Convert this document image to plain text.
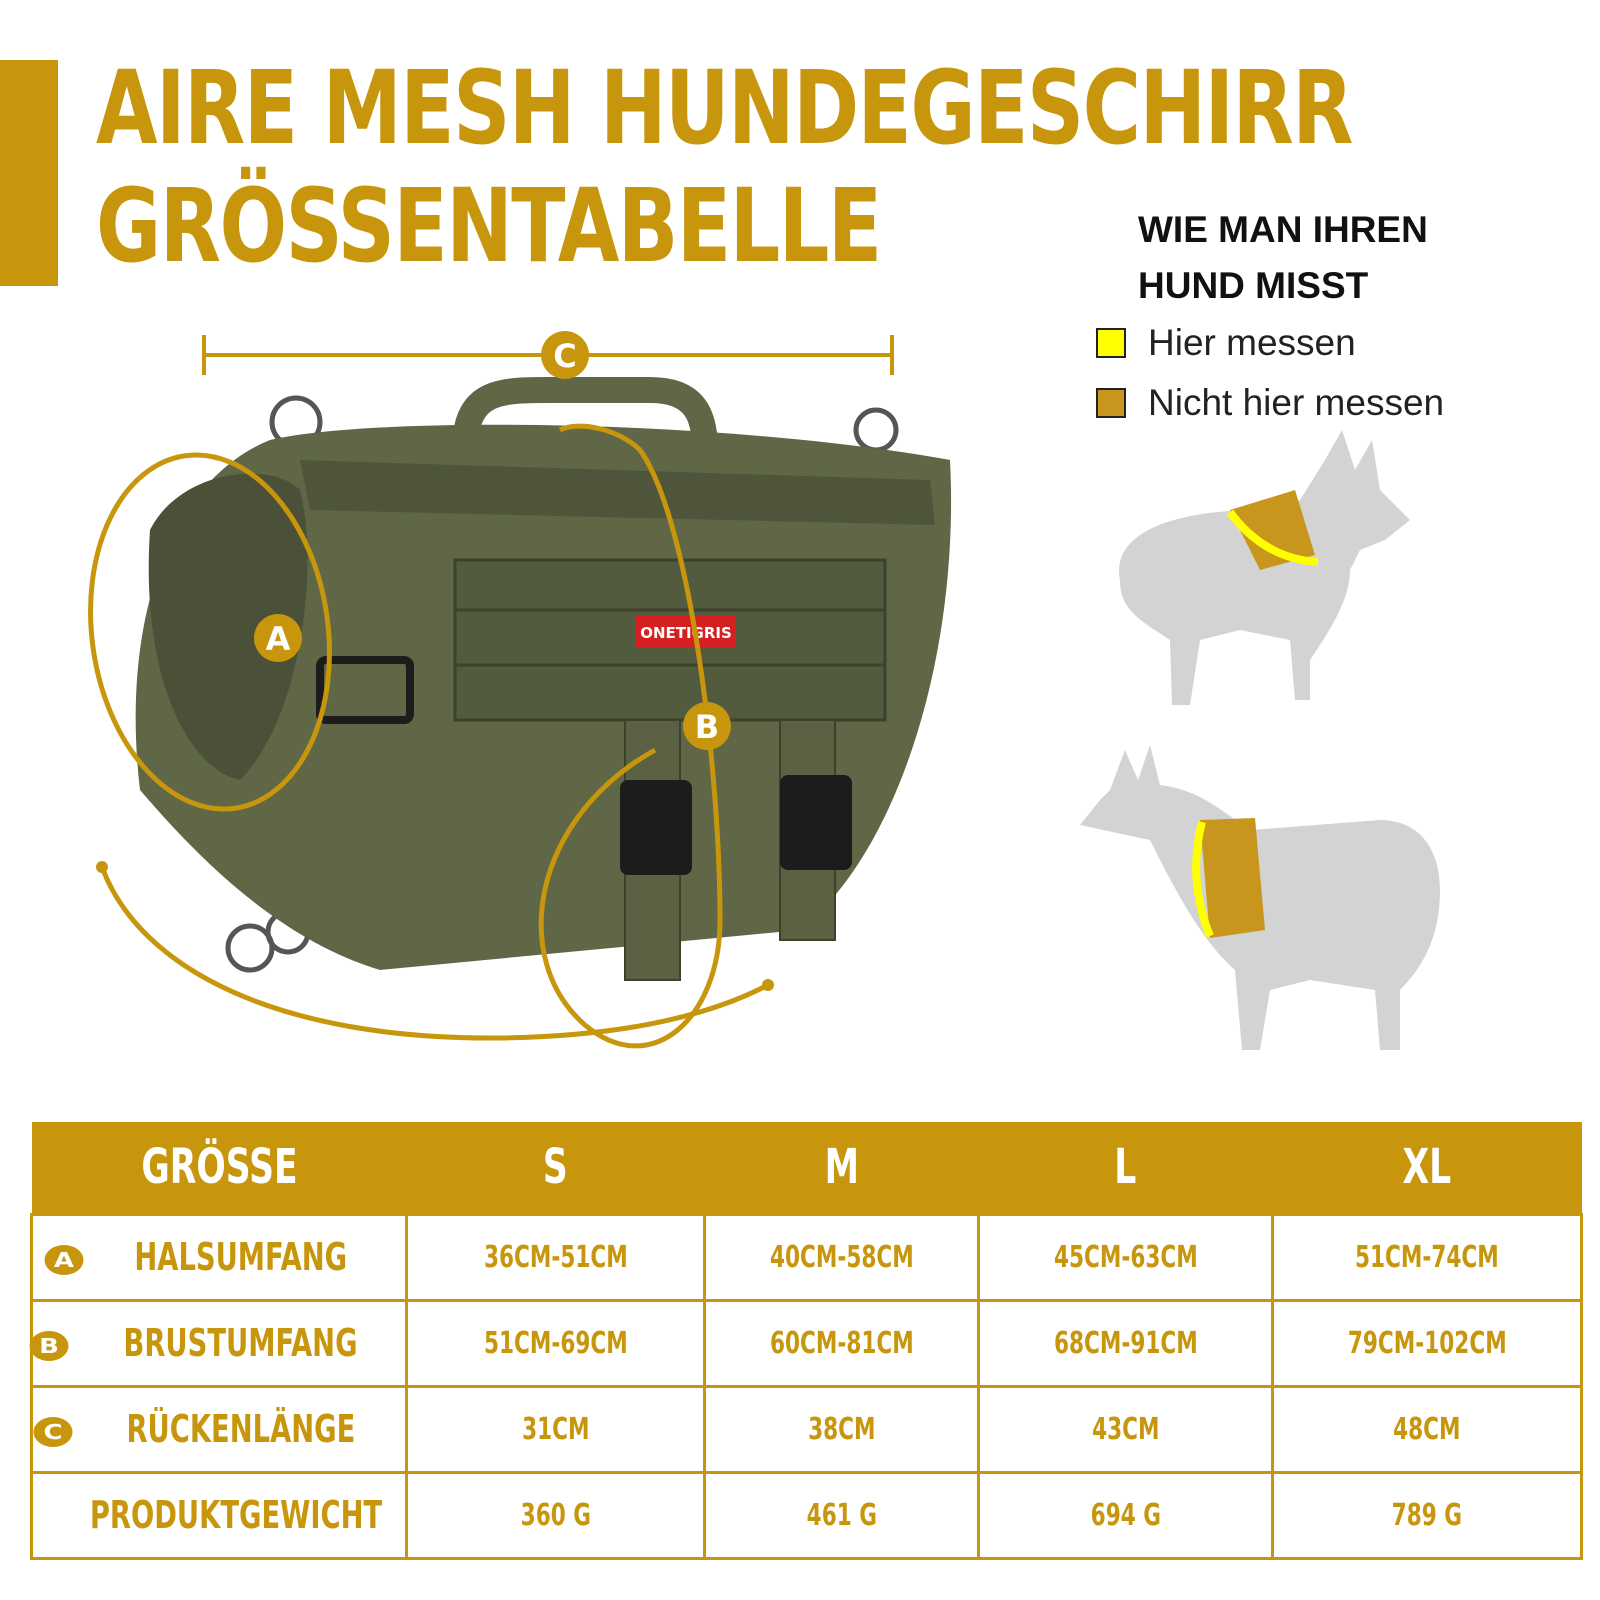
AIRE MESH HUNDEGESCHIRR
GRÖSSENTABELLE	WIE MAN IHREN
HUND MISST
Hier messen
Nicht hier messen
ONETIGRIS
C
A
B
GRÖSSE	S	M	L	XL
A HALSUMFANG	36CM-51CM	40CM-58CM	45CM-63CM	51CM-74CM
B BRUSTUMFANG	51CM-69CM	60CM-81CM	68CM-91CM	79CM-102CM
C RÜCKENLÄNGE	31CM	38CM	43CM	48CM
PRODUKTGEWICHT	360 G	461 G	694 G	789 G
